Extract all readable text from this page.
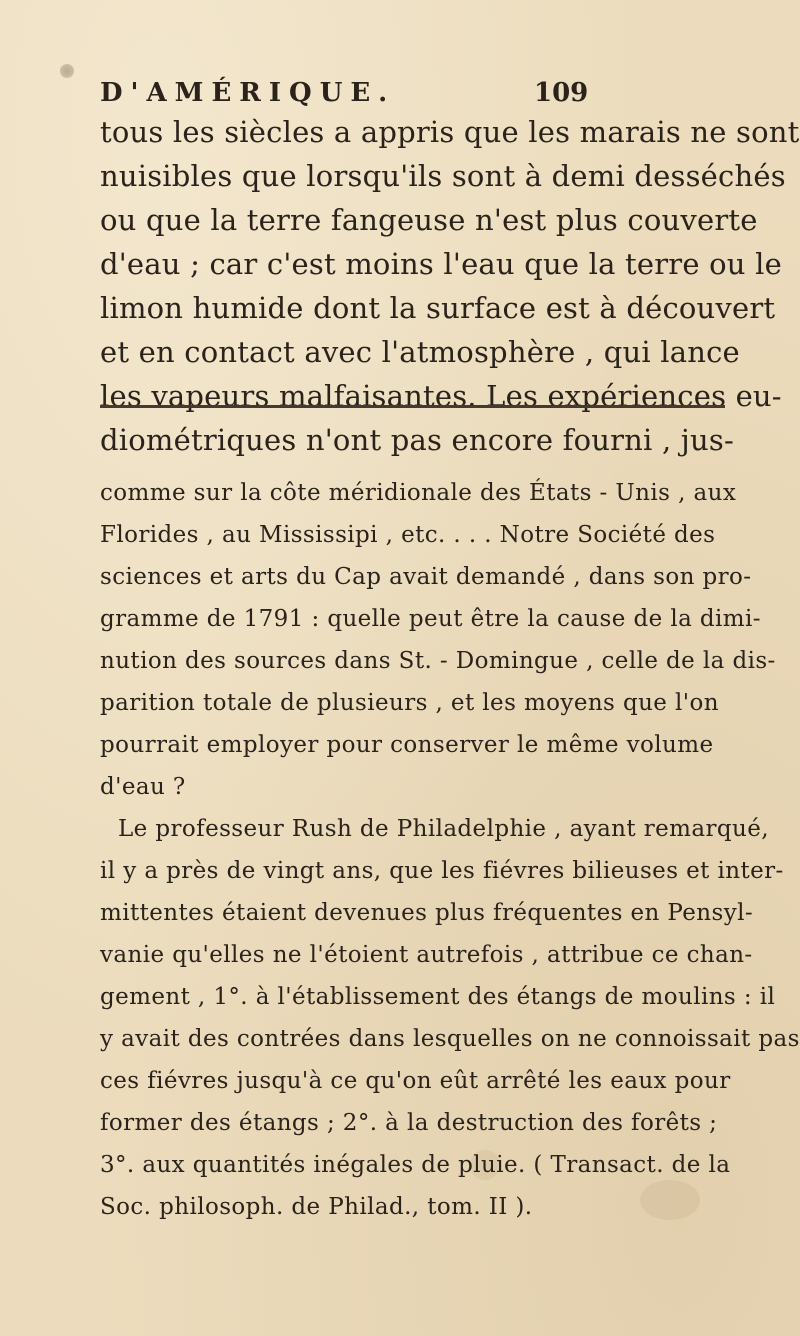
D'AMÉRIQUE.	109
tous les siècles a appris que les marais ne sont
nuisibles que lorsqu'ils sont à demi desséchés
ou que la terre fangeuse n'est plus couverte
d'eau ; car c'est moins l'eau que la terre ou le
limon humide dont la surface est à découvert
et en contact avec l'atmosphère , qui lance
les vapeurs malfaisantes. Les expériences eu-
diométriques n'ont pas encore fourni , jus-
comme sur la côte méridionale des États - Unis , aux
Florides , au Mississipi , etc. . . . Notre Société des
sciences et arts du Cap avait demandé , dans son pro-
gramme de 1791 : quelle peut être la cause de la dimi-
nution des sources dans St. - Domingue , celle de la dis-
parition totale de plusieurs , et les moyens que l'on
pourrait employer pour conserver le même volume
d'eau ?
Le professeur Rush de Philadelphie , ayant remarqué,
il y a près de vingt ans, que les fiévres bilieuses et inter-
mittentes étaient devenues plus fréquentes en Pensyl-
vanie qu'elles ne l'étoient autrefois , attribue ce chan-
gement , 1°. à l'établissement des étangs de moulins : il
y avait des contrées dans lesquelles on ne connoissait pas
ces fiévres jusqu'à ce qu'on eût arrêté les eaux pour
former des étangs ; 2°. à la destruction des forêts ;
3°. aux quantités inégales de pluie. ( Transact. de la
Soc. philosoph. de Philad., tom. II ).
